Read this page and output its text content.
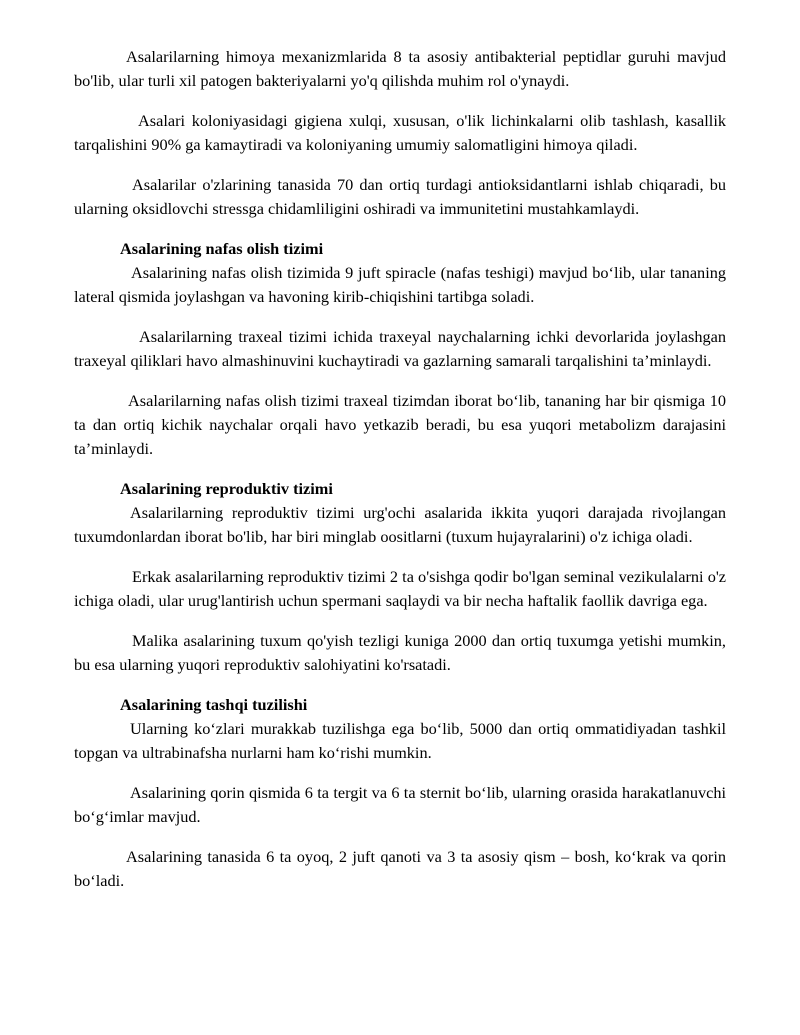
Asalarilarning himoya mexanizmlarida 8 ta asosiy antibakterial peptidlar guruhi mavjud bo'lib, ular turli xil patogen bakteriyalarni yo'q qilishda muhim rol o'ynaydi.

Asalari koloniyasidagi gigiena xulqi, xususan, o'lik lichinkalarni olib tashlash, kasallik tarqalishini 90% ga kamaytiradi va koloniyaning umumiy salomatligini himoya qiladi.

Asalarilar o'zlarining tanasida 70 dan ortiq turdagi antioksidantlarni ishlab chiqaradi, bu ularning oksidlovchi stressga chidamliligini oshiradi va immunitetini mustahkamlaydi.

Asalarining nafas olish tizimi

Asalarining nafas olish tizimida 9 juft spiracle (nafas teshigi) mavjud bo‘lib, ular tananing lateral qismida joylashgan va havoning kirib-chiqishini tartibga soladi.

Asalarilarning traxeal tizimi ichida traxeyal naychalarning ichki devorlarida joylashgan traxeyal qiliklari havo almashinuvini kuchaytiradi va gazlarning samarali tarqalishini ta’minlaydi.

Asalarilarning nafas olish tizimi traxeal tizimdan iborat bo‘lib, tananing har bir qismiga 10 ta dan ortiq kichik naychalar orqali havo yetkazib beradi, bu esa yuqori metabolizm darajasini ta’minlaydi.

Asalarining reproduktiv tizimi

Asalarilarning reproduktiv tizimi urg'ochi asalarida ikkita yuqori darajada rivojlangan tuxumdonlardan iborat bo'lib, har biri minglab oositlarni (tuxum hujayralarini) o'z ichiga oladi.

Erkak asalarilarning reproduktiv tizimi 2 ta o'sishga qodir bo'lgan seminal vezikulalarni o'z ichiga oladi, ular urug'lantirish uchun spermani saqlaydi va bir necha haftalik faollik davriga ega.

Malika asalarining tuxum qo'yish tezligi kuniga 2000 dan ortiq tuxumga yetishi mumkin, bu esa ularning yuqori reproduktiv salohiyatini ko'rsatadi.

Asalarining tashqi tuzilishi

Ularning ko‘zlari murakkab tuzilishga ega bo‘lib, 5000 dan ortiq ommatidiyadan tashkil topgan va ultrabinafsha nurlarni ham ko‘rishi mumkin.

Asalarining qorin qismida 6 ta tergit va 6 ta sternit bo‘lib, ularning orasida harakatlanuvchi bo‘g‘imlar mavjud.

Asalarining tanasida 6 ta oyoq, 2 juft qanoti va 3 ta asosiy qism – bosh, ko‘krak va qorin bo‘ladi.
